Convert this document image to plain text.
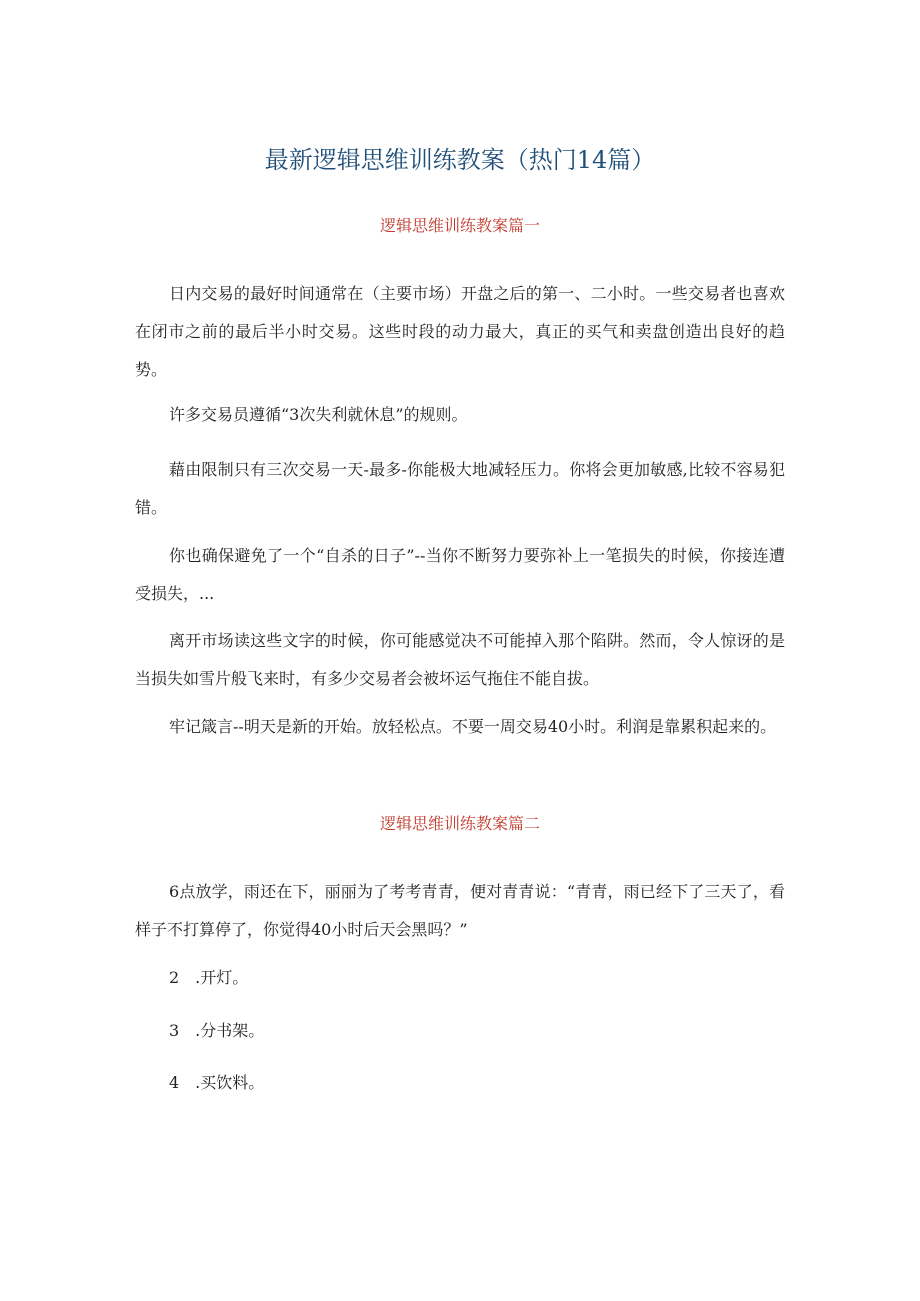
最新逻辑思维训练教案（热门14篇）
逻辑思维训练教案篇一

日内交易的最好时间通常在（主要市场）开盘之后的第一、二小时。一些交易者也喜欢在闭市之前的最后半小时交易。这些时段的动力最大，真正的买气和卖盘创造出良好的趋势。

许多交易员遵循“3次失利就休息”的规则。

藉由限制只有三次交易一天-最多-你能极大地减轻压力。你将会更加敏感,比较不容易犯错。

你也确保避免了一个“自杀的日子”--当你不断努力要弥补上一笔损失的时候，你接连遭受损失，...

离开市场读这些文字的时候，你可能感觉决不可能掉入那个陷阱。然而，令人惊讶的是当损失如雪片般飞来时，有多少交易者会被坏运气拖住不能自拔。

牢记箴言--明天是新的开始。放轻松点。不要一周交易40小时。利润是靠累积起来的。

逻辑思维训练教案篇二

6点放学，雨还在下，丽丽为了考考青青，便对青青说：“青青，雨已经下了三天了，看样子不打算停了，你觉得40小时后天会黑吗？”

2　.开灯。

3　.分书架。

4　.买饮料。
